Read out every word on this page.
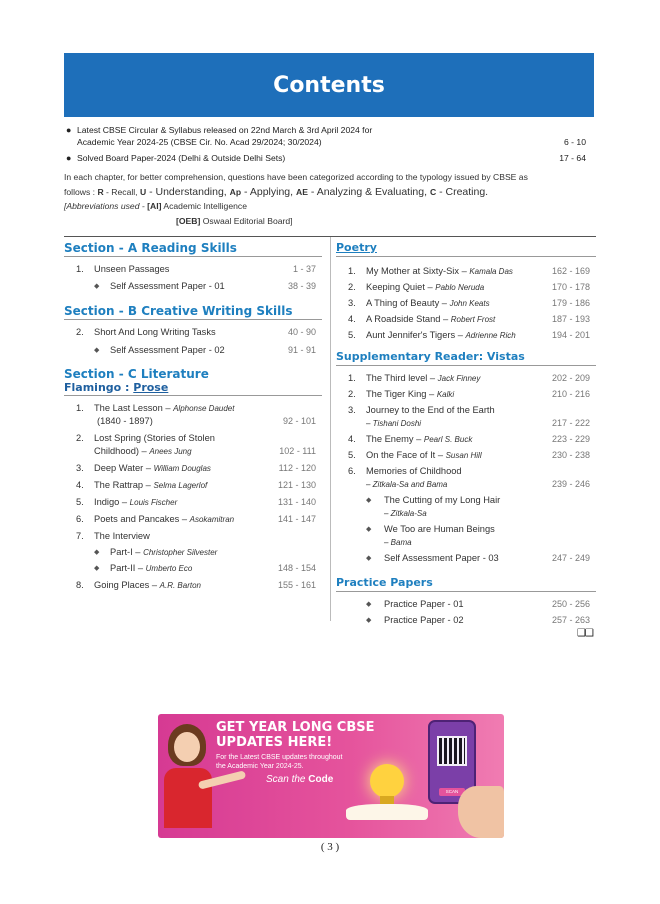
Contents
● Latest CBSE Circular & Syllabus released on 22nd March & 3rd April 2024 for
Academic Year 2024-25 (CBSE Cir. No. Acad 29/2024; 30/2024)	6 - 10
● Solved Board Paper-2024 (Delhi & Outside Delhi Sets)	17 - 64
In each chapter, for better comprehension, questions have been categorized according to the typology issued by CBSE as
follows : R - Recall, U - Understanding, Ap - Applying, AE - Analyzing & Evaluating, C - Creating.
[Abbreviations used - [AI] Academic Intelligence
[OEB] Oswaal Editorial Board]
Section - A Reading Skills
1.	Unseen Passages	1 - 37
◆	Self Assessment Paper - 01	38 - 39
Section - B Creative Writing Skills
2.	Short And Long Writing Tasks	40 - 90
◆	Self Assessment Paper - 02	91 - 91
Section - C Literature
Flamingo : Prose
1.	The Last Lesson – Alphonse Daudet
(1840 - 1897)	92 - 101
2.	Lost Spring (Stories of Stolen
Childhood) – Anees Jung	102 - 111
3.	Deep Water – William Douglas	112 - 120
4.	The Rattrap – Selma Lagerlof	121 - 130
5.	Indigo – Louis Fischer	131 - 140
6.	Poets and Pancakes – Asokamitran	141 - 147
7.	The Interview
◆	Part-I – Christopher Silvester
◆	Part-II – Umberto Eco	148 - 154
8.	Going Places – A.R. Barton	155 - 161
Poetry
1.	My Mother at Sixty-Six – Kamala Das	162 - 169
2.	Keeping Quiet – Pablo Neruda	170 - 178
3.	A Thing of Beauty – John Keats	179 - 186
4.	A Roadside Stand – Robert Frost	187 - 193
5.	Aunt Jennifer's Tigers – Adrienne Rich	194 - 201
Supplementary Reader: Vistas
1.	The Third level – Jack Finney	202 - 209
2.	The Tiger King – Kalki	210 - 216
3.	Journey to the End of the Earth
– Tishani Doshi	217 - 222
4.	The Enemy – Pearl S. Buck	223 - 229
5.	On the Face of It – Susan Hill	230 - 238
6.	Memories of Childhood
– Zitkala-Sa and Bama	239 - 246
◆	The Cutting of my Long Hair
– Zitkala-Sa
◆	We Too are Human Beings
– Bama
◆	Self Assessment Paper - 03	247 - 249
Practice Papers
◆	Practice Paper - 01	250 - 256
◆	Practice Paper - 02	257 - 263
❑❑
GET YEAR LONG CBSE
UPDATES HERE!
For the Latest CBSE updates throughout the Academic Year 2024-25.
Scan the Code
SCAN
( 3 )
